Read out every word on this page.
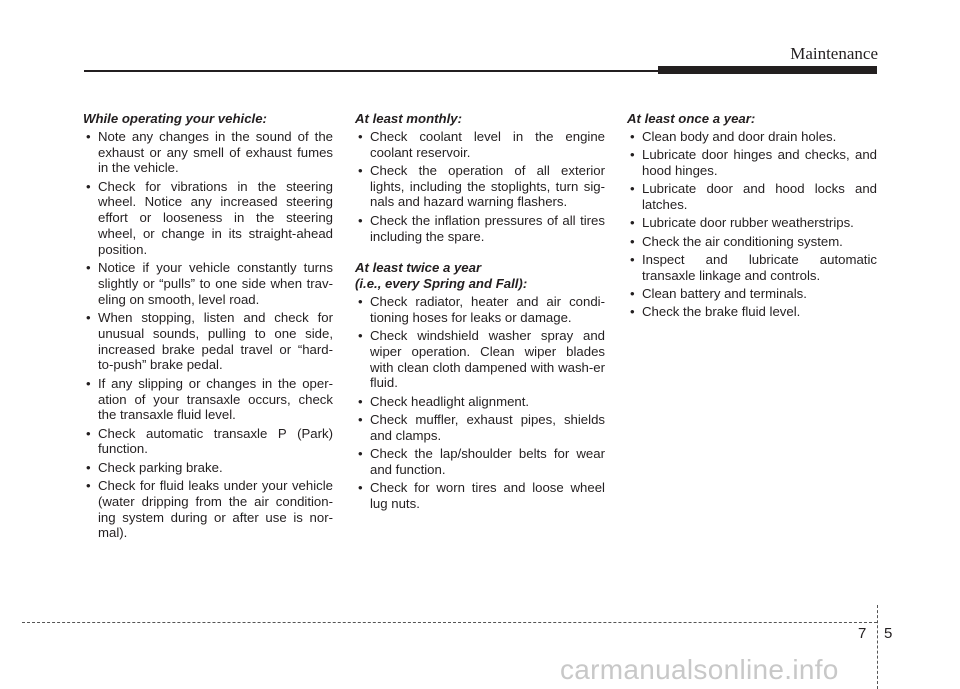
Maintenance
While operating your vehicle:
• Note any changes in the sound of the exhaust or any smell of exhaust fumes in the vehicle.
• Check for vibrations in the steering wheel. Notice any increased steering effort or looseness in the steering wheel, or change in its straight-ahead position.
• Notice if your vehicle constantly turns slightly or “pulls” to one side when trav-eling on smooth, level road.
• When stopping, listen and check for unusual sounds, pulling to one side, increased brake pedal travel or “hard-to-push” brake pedal.
• If any slipping or changes in the oper-ation of your transaxle occurs, check the transaxle fluid level.
• Check automatic transaxle P (Park) function.
• Check parking brake.
• Check for fluid leaks under your vehicle (water dripping from the air condition-ing system during or after use is nor-mal).
At least monthly:
• Check coolant level in the engine coolant reservoir.
• Check the operation of all exterior lights, including the stoplights, turn sig-nals and hazard warning flashers.
• Check the inflation pressures of all tires including the spare.
At least twice a year
(i.e., every Spring and Fall):
• Check radiator, heater and air condi-tioning hoses for leaks or damage.
• Check windshield washer spray and wiper operation. Clean wiper blades with clean cloth dampened with wash-er fluid.
• Check headlight alignment.
• Check muffler, exhaust pipes, shields and clamps.
• Check the lap/shoulder belts for wear and function.
• Check for worn tires and loose wheel lug nuts.
At least once a year:
• Clean body and door drain holes.
• Lubricate door hinges and checks, and hood hinges.
• Lubricate door and hood locks and latches.
• Lubricate door rubber weatherstrips.
• Check the air conditioning system.
• Inspect and lubricate automatic transaxle linkage and controls.
• Clean battery and terminals.
• Check the brake fluid level.
7 5
carmanualsonline.info
